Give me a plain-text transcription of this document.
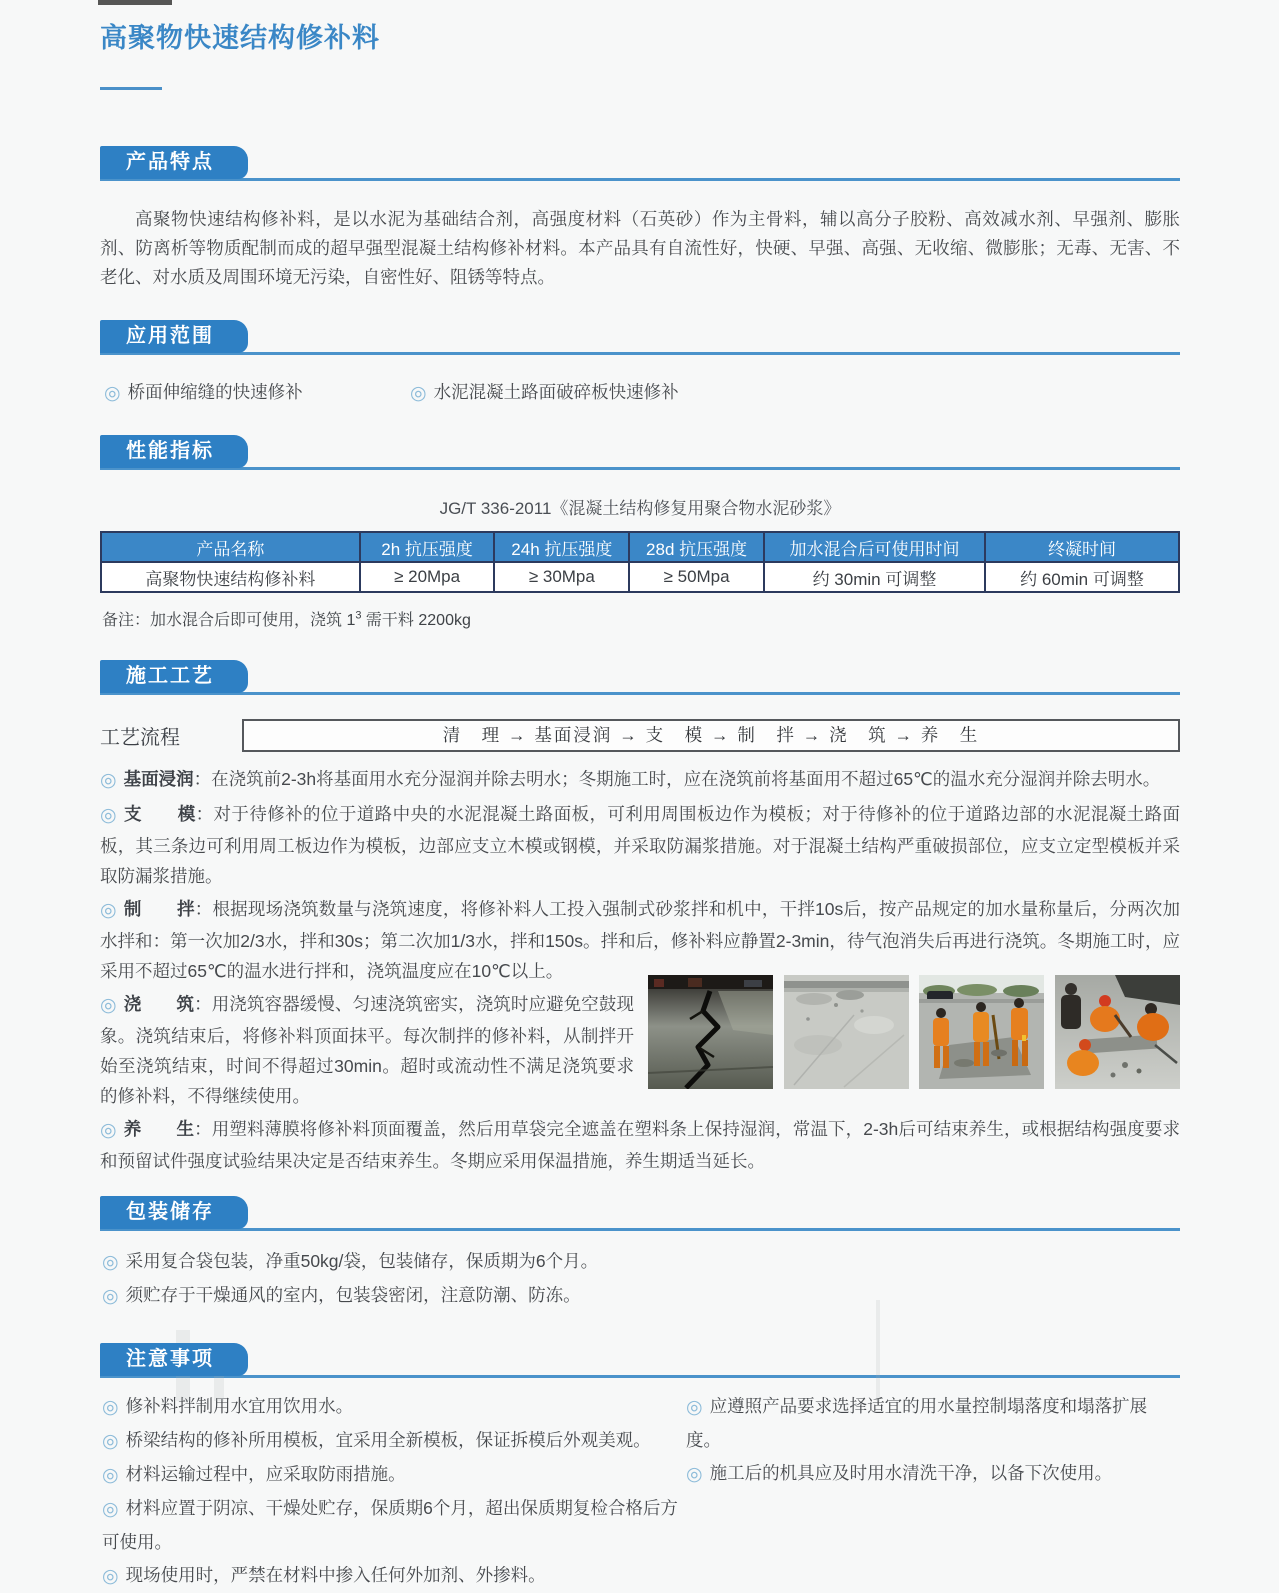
高聚物快速结构修补料
产品特点

高聚物快速结构修补料，是以水泥为基础结合剂，高强度材料（石英砂）作为主骨料，辅以高分子胶粉、高效减水剂、早强剂、膨胀剂、防离析等物质配制而成的超早强型混凝土结构修补材料。本产品具有自流性好，快硬、早强、高强、无收缩、微膨胀；无毒、无害、不老化、对水质及周围环境无污染，自密性好、阻锈等特点。

应用范围
◎ 桥面伸缩缝的快速修补	◎ 水泥混凝土路面破碎板快速修补
性能指标

JG/T 336-2011《混凝土结构修复用聚合物水泥砂浆》

产品名称	2h 抗压强度	24h 抗压强度	28d 抗压强度	加水混合后可使用时间	终凝时间
高聚物快速结构修补料	≥ 20Mpa	≥ 30Mpa	≥ 50Mpa	约 30min 可调整	约 60min 可调整

备注：加水混合后即可使用，浇筑 $1^3$ 需干料 2200kg

施工工艺
工艺流程	清　理 → 基面浸润 → 支　模 → 制　拌 → 浇　筑 → 养　生
◎ 基面浸润：在浇筑前2-3h将基面用水充分湿润并除去明水；冬期施工时，应在浇筑前将基面用不超过65℃的温水充分湿润并除去明水。
◎ 支　　模：对于待修补的位于道路中央的水泥混凝土路面板，可利用周围板边作为模板；对于待修补的位于道路边部的水泥混凝土路面板，其三条边可利用周工板边作为模板，边部应支立木模或钢模，并采取防漏浆措施。对于混凝土结构严重破损部位，应支立定型模板并采取防漏浆措施。
◎ 制　　拌：根据现场浇筑数量与浇筑速度，将修补料人工投入强制式砂浆拌和机中，干拌10s后，按产品规定的加水量称量后，分两次加水拌和：第一次加2/3水，拌和30s；第二次加1/3水，拌和150s。拌和后，修补料应静置2-3min，待气泡消失后再进行浇筑。冬期施工时，应采用不超过65℃的温水进行拌和，浇筑温度应在10℃以上。
◎ 浇　　筑：用浇筑容器缓慢、匀速浇筑密实，浇筑时应避免空鼓现象。浇筑结束后，将修补料顶面抹平。每次制拌的修补料，从制拌开始至浇筑结束，时间不得超过30min。超时或流动性不满足浇筑要求的修补料，不得继续使用。
◎ 养　　生：用塑料薄膜将修补料顶面覆盖，然后用草袋完全遮盖在塑料条上保持湿润，常温下，2-3h后可结束养生，或根据结构强度要求和预留试件强度试验结果决定是否结束养生。冬期应采用保温措施，养生期适当延长。
包装储存
◎ 采用复合袋包装，净重50kg/袋，包装储存，保质期为6个月。
◎ 须贮存于干燥通风的室内，包装袋密闭，注意防潮、防冻。
注意事项
◎ 修补料拌制用水宜用饮用水。
◎ 桥梁结构的修补所用模板，宜采用全新模板，保证拆模后外观美观。
◎ 材料运输过程中，应采取防雨措施。
◎ 材料应置于阴凉、干燥处贮存，保质期6个月，超出保质期复检合格后方可使用。
◎ 现场使用时，严禁在材料中掺入任何外加剂、外掺料。
◎ 应遵照产品要求选择适宜的用水量控制塌落度和塌落扩展度。
◎ 施工后的机具应及时用水清洗干净，以备下次使用。
